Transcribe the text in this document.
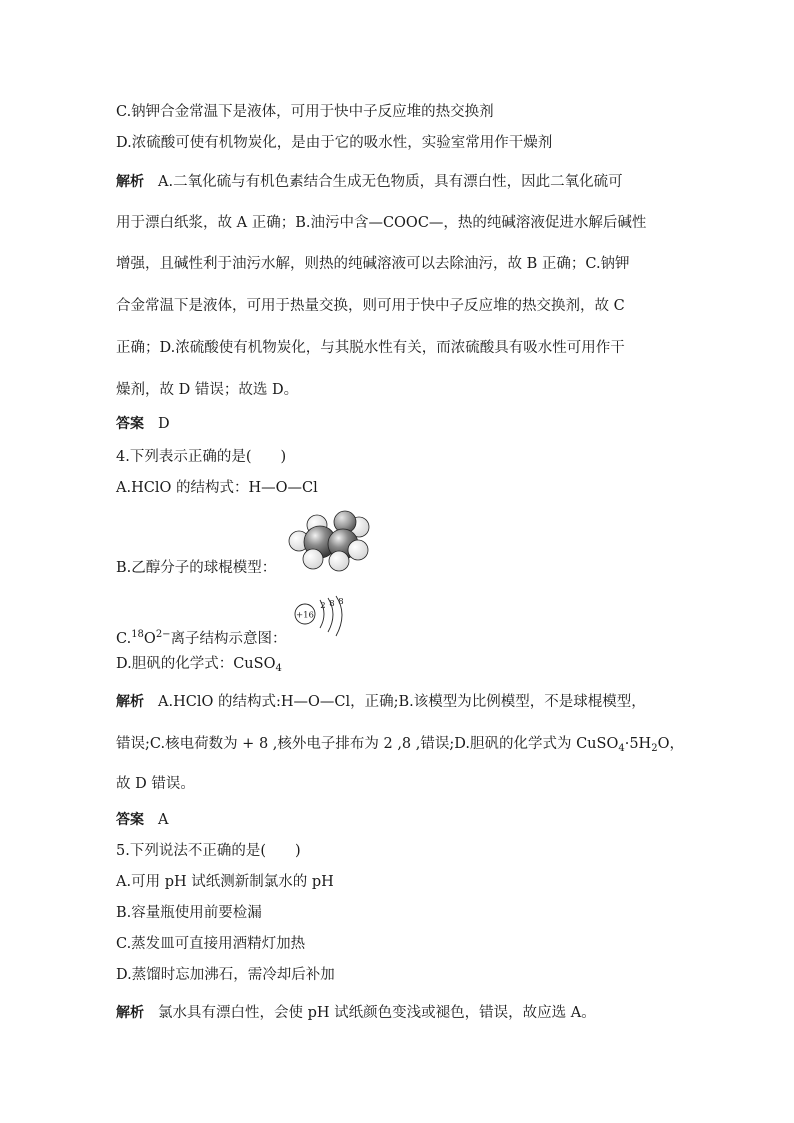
C.钠钾合金常温下是液体，可用于快中子反应堆的热交换剂
D.浓硫酸可使有机物炭化，是由于它的吸水性，实验室常用作干燥剂
解析 A.二氧化硫与有机色素结合生成无色物质，具有漂白性，因此二氧化硫可
用于漂白纸浆，故 A 正确；B.油污中含—COOC—，热的纯碱溶液促进水解后碱性
增强，且碱性利于油污水解，则热的纯碱溶液可以去除油污，故 B 正确；C.钠钾
合金常温下是液体，可用于热量交换，则可用于快中子反应堆的热交换剂，故 C
正确；D.浓硫酸使有机物炭化，与其脱水性有关，而浓硫酸具有吸水性可用作干
燥剂，故 D 错误；故选 D。
答案 D
4.下列表示正确的是(　　)
A.HClO 的结构式：H—O—Cl
B.乙醇分子的球棍模型：
$C.^{18}O^{2-}$离子结构示意图：
+16
2 8 8
D.胆矾的化学式：CuSO$_4$
解析 A.HClO 的结构式:H—O—Cl，正确;B.该模型为比例模型，不是球棍模型，
错误;C.核电荷数为 + 8 ,核外电子排布为 2 ,8 ,错误;D.胆矾的化学式为 $CuSO_4\cdot 5H_2O$，
故 D 错误。
答案 A
5.下列说法不正确的是(　　)
A.可用 pH 试纸测新制氯水的 pH
B.容量瓶使用前要检漏
C.蒸发皿可直接用酒精灯加热
D.蒸馏时忘加沸石，需冷却后补加
解析 氯水具有漂白性，会使 pH 试纸颜色变浅或褪色，错误，故应选 A。
